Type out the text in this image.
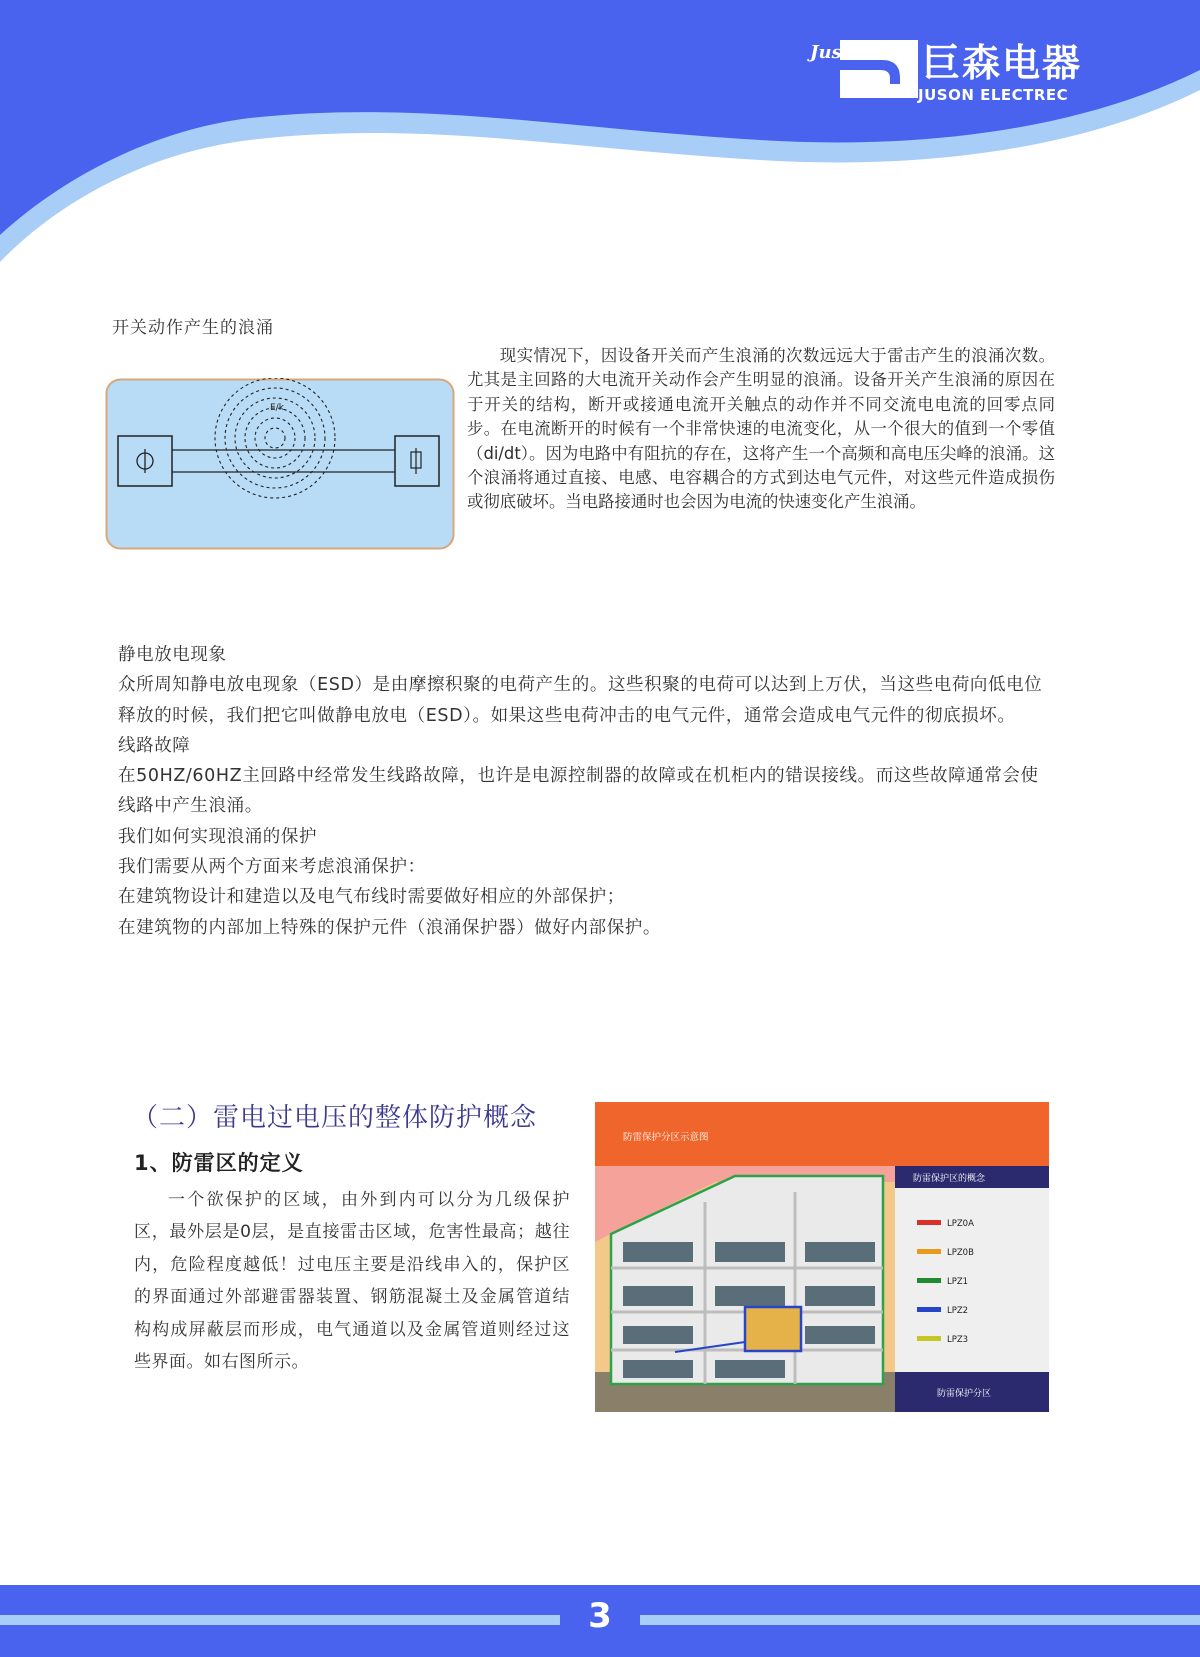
Juson 巨森电器
JUSON ELECTREC
开关动作产生的浪涌
E/k

现实情况下，因设备开关而产生浪涌的次数远远大于雷击产生的浪涌次数。尤其是主回路的大电流开关动作会产生明显的浪涌。设备开关产生浪涌的原因在于开关的结构，断开或接通电流开关触点的动作并不同交流电电流的回零点同步。在电流断开的时候有一个非常快速的电流变化，从一个很大的值到一个零值（di/dt）。因为电路中有阻抗的存在，这将产生一个高频和高电压尖峰的浪涌。这个浪涌将通过直接、电感、电容耦合的方式到达电气元件，对这些元件造成损伤或彻底破坏。当电路接通时也会因为电流的快速变化产生浪涌。

静电放电现象
众所周知静电放电现象（ESD）是由摩擦积聚的电荷产生的。这些积聚的电荷可以达到上万伏，当这些电荷向低电位释放的时候，我们把它叫做静电放电（ESD）。如果这些电荷冲击的电气元件，通常会造成电气元件的彻底损坏。
线路故障
在50HZ/60HZ主回路中经常发生线路故障，也许是电源控制器的故障或在机柜内的错误接线。而这些故障通常会使线路中产生浪涌。
我们如何实现浪涌的保护
我们需要从两个方面来考虑浪涌保护：
在建筑物设计和建造以及电气布线时需要做好相应的外部保护；
在建筑物的内部加上特殊的保护元件（浪涌保护器）做好内部保护。
（二）雷电过电压的整体防护概念
1、防雷区的定义

一个欲保护的区域，由外到内可以分为几级保护区，最外层是0层，是直接雷击区域，危害性最高；越往内，危险程度越低！过电压主要是沿线串入的，保护区的界面通过外部避雷器装置、钢筋混凝土及金属管道结构构成屏蔽层而形成，电气通道以及金属管道则经过这些界面。如右图所示。

防雷保护分区示意图
防雷保护区的概念
LPZ0A
LPZ0B
LPZ1
LPZ2
LPZ3
防雷保护分区
3
